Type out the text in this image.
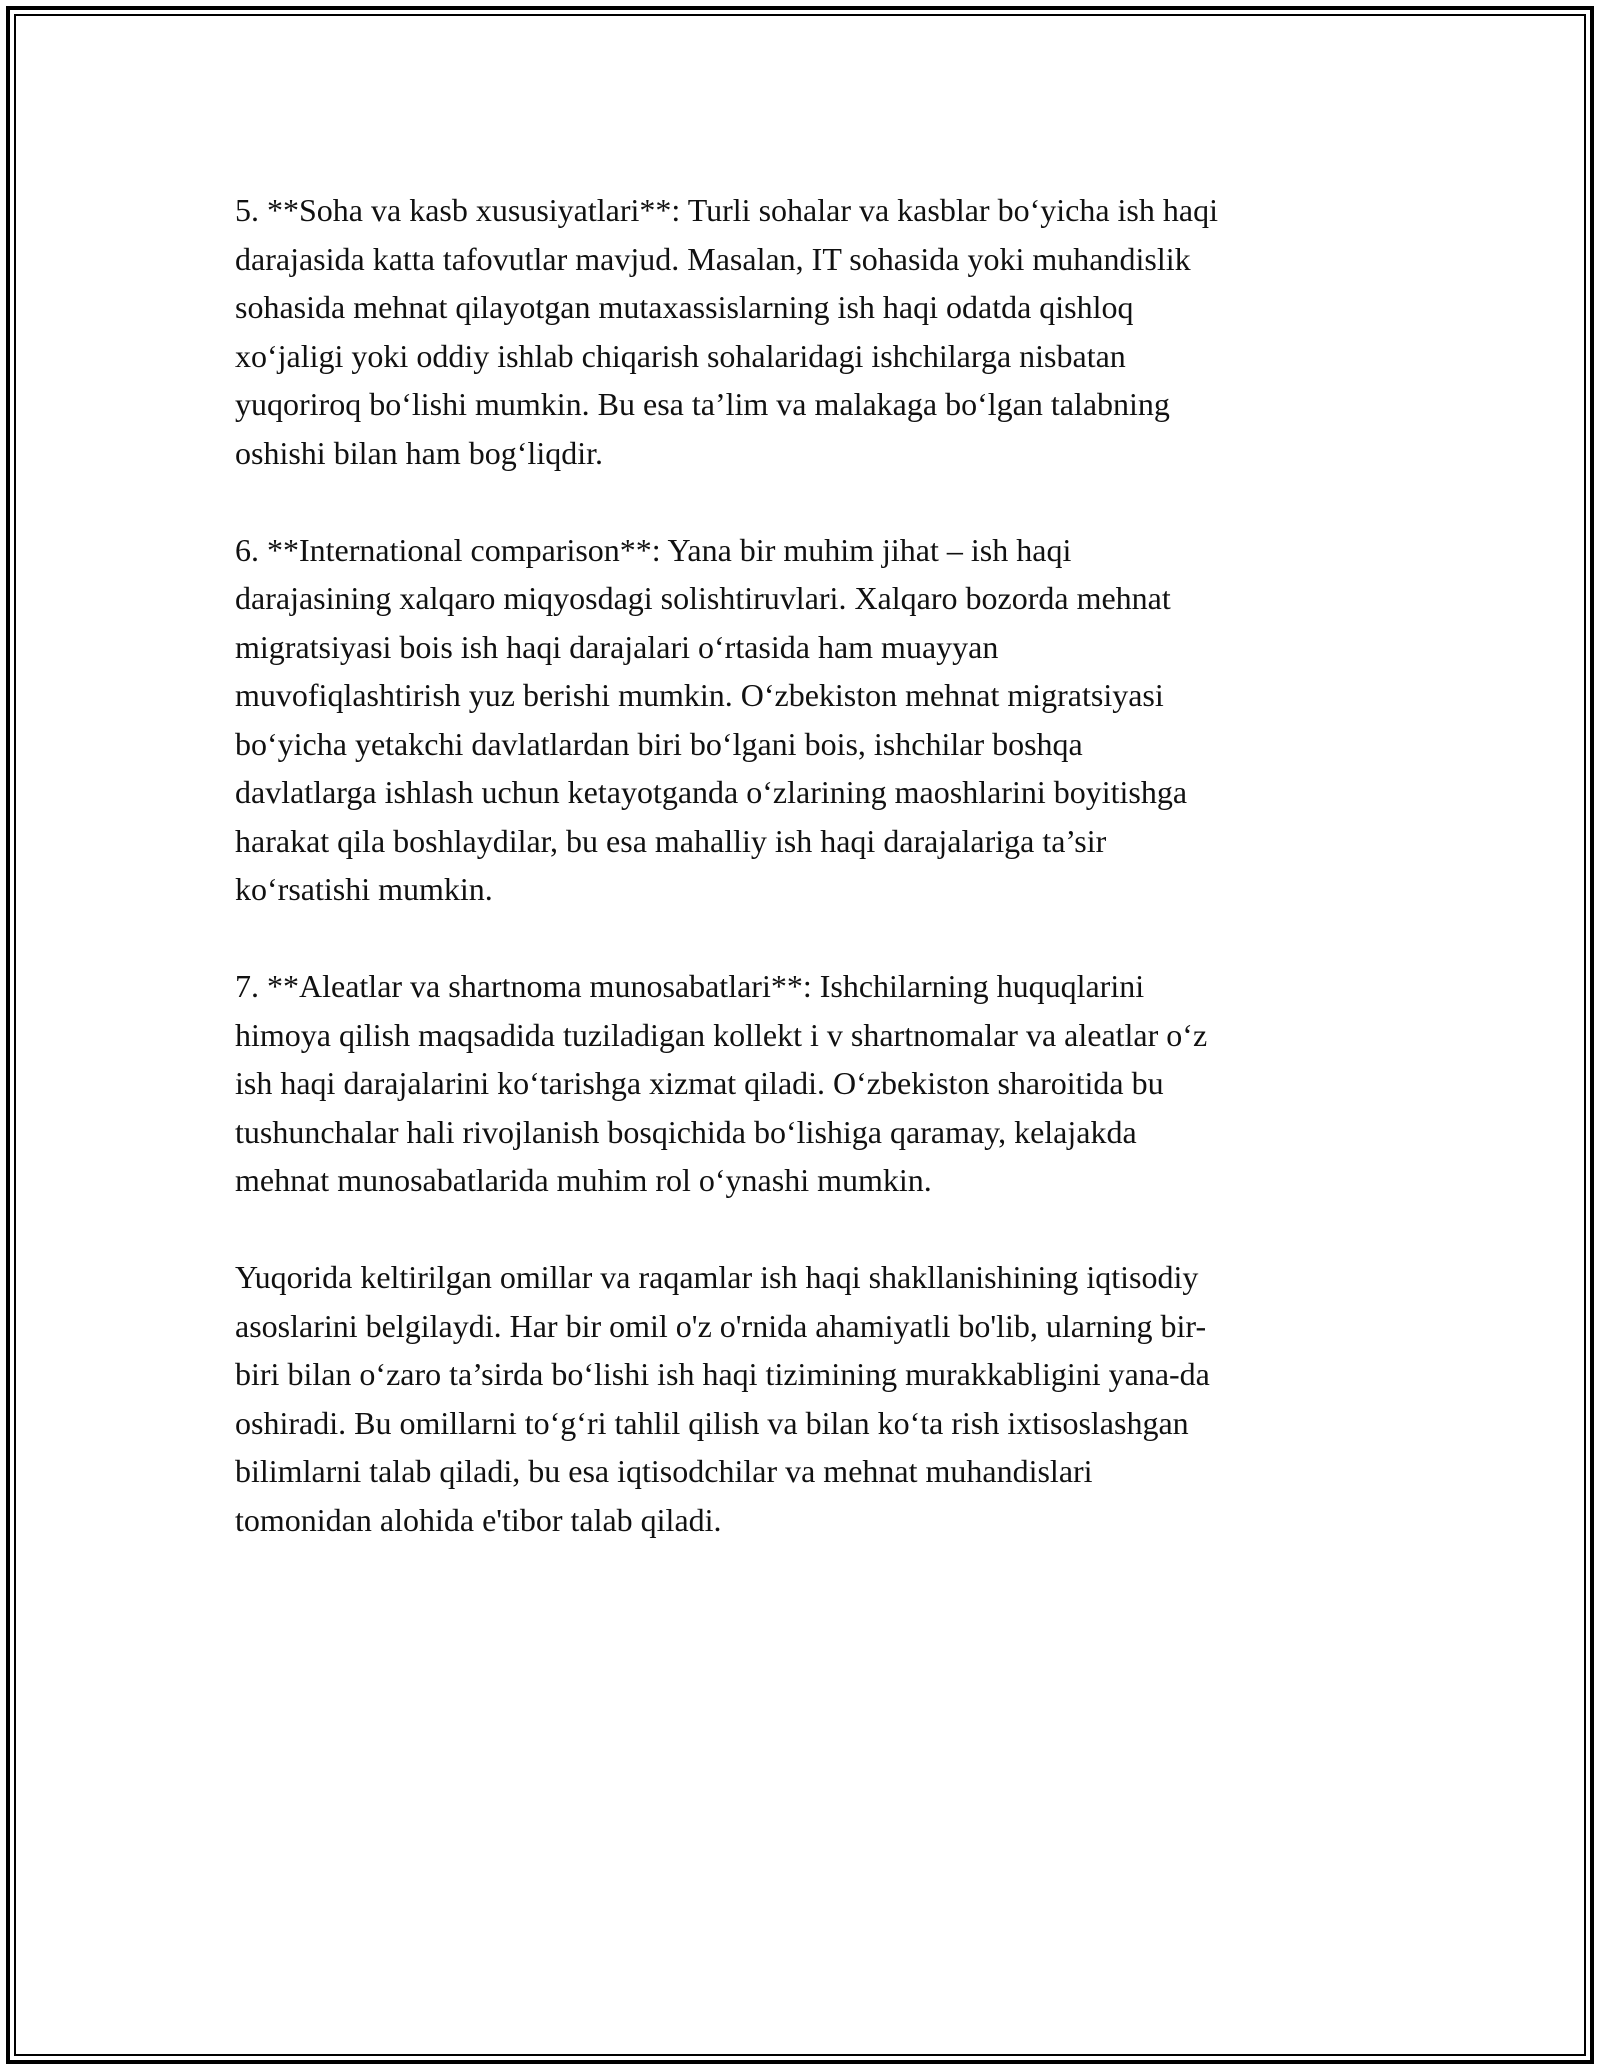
5. **Soha va kasb xususiyatlari**: Turli sohalar va kasblar bo‘yicha ish haqi
darajasida katta tafovutlar mavjud. Masalan, IT sohasida yoki muhandislik
sohasida mehnat qilayotgan mutaxassislarning ish haqi odatda qishloq
xo‘jaligi yoki oddiy ishlab chiqarish sohalaridagi ishchilarga nisbatan
yuqoriroq bo‘lishi mumkin. Bu esa ta’lim va malakaga bo‘lgan talabning
oshishi bilan ham bog‘liqdir.

6. **International comparison**: Yana bir muhim jihat – ish haqi
darajasining xalqaro miqyosdagi solishtiruvlari. Xalqaro bozorda mehnat
migratsiyasi bois ish haqi darajalari o‘rtasida ham muayyan
muvofiqlashtirish yuz berishi mumkin. O‘zbekiston mehnat migratsiyasi
bo‘yicha yetakchi davlatlardan biri bo‘lgani bois, ishchilar boshqa
davlatlarga ishlash uchun ketayotganda o‘zlarining maoshlarini boyitishga
harakat qila boshlaydilar, bu esa mahalliy ish haqi darajalariga ta’sir
ko‘rsatishi mumkin.

7. **Aleatlar va shartnoma munosabatlari**: Ishchilarning huquqlarini
himoya qilish maqsadida tuziladigan kollekt i v shartnomalar va aleatlar o‘z
ish haqi darajalarini ko‘tarishga xizmat qiladi. O‘zbekiston sharoitida bu
tushunchalar hali rivojlanish bosqichida bo‘lishiga qaramay, kelajakda
mehnat munosabatlarida muhim rol o‘ynashi mumkin.

Yuqorida keltirilgan omillar va raqamlar ish haqi shakllanishining iqtisodiy
asoslarini belgilaydi. Har bir omil o'z o'rnida ahamiyatli bo'lib, ularning bir-
biri bilan o‘zaro ta’sirda bo‘lishi ish haqi tizimining murakkabligini yana-da
oshiradi. Bu omillarni to‘g‘ri tahlil qilish va bilan ko‘ta rish ixtisoslashgan
bilimlarni talab qiladi, bu esa iqtisodchilar va mehnat muhandislari
tomonidan alohida e'tibor talab qiladi.
